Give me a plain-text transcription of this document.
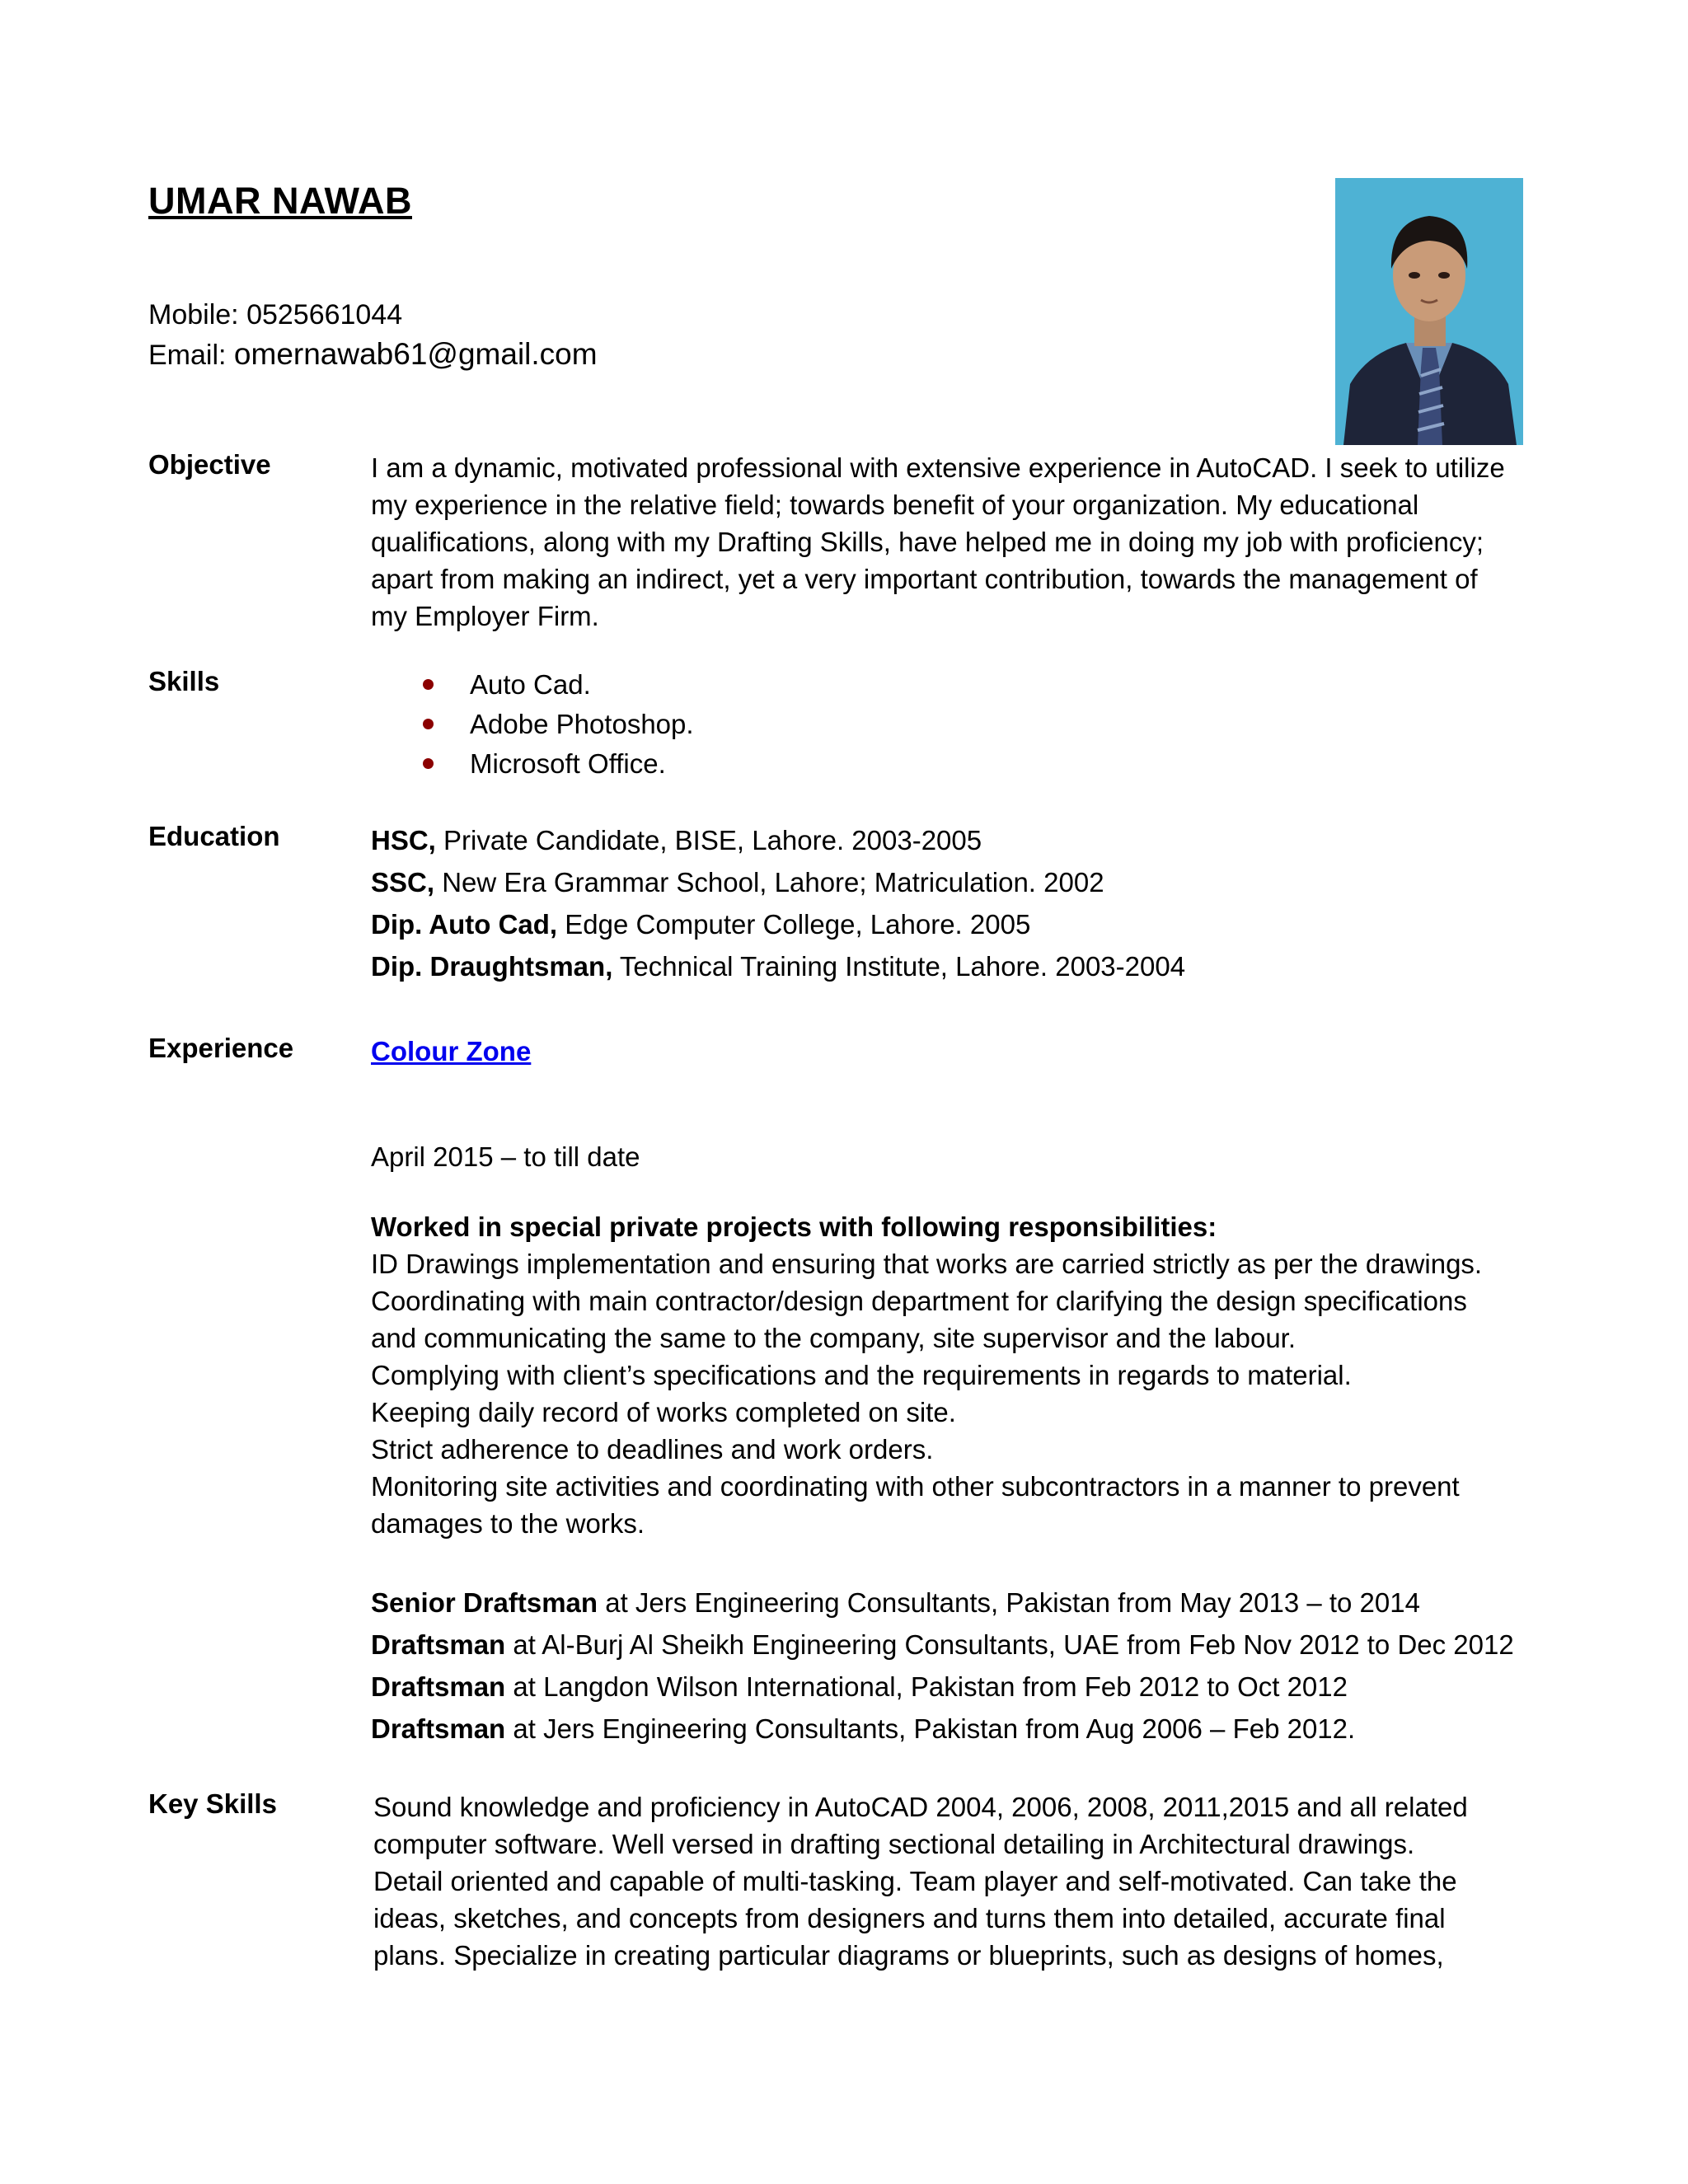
UMAR NAWAB
Mobile: 0525661044
Email: omernawab61@gmail.com
Objective	I am a dynamic, motivated professional with extensive experience in AutoCAD. I seek to utilize

my experience in the relative field; towards benefit of your organization. My educational

qualifications, along with my Drafting Skills, have helped me in doing my job with proficiency;

apart from making an indirect, yet a very important contribution, towards the management of

my Employer Firm.

Skills	Auto Cad.
Adobe Photoshop.
Microsoft Office.
Education	HSC, Private Candidate, BISE, Lahore. 2003-2005
SSC, New Era Grammar School, Lahore; Matriculation. 2002
Dip. Auto Cad, Edge Computer College, Lahore. 2005
Dip. Draughtsman, Technical Training Institute, Lahore. 2003-2004
Experience	Colour Zone

April 2015 – to till date

Worked in special private projects with following responsibilities:

ID Drawings implementation and ensuring that works are carried strictly as per the drawings.

Coordinating with main contractor/design department for clarifying the design specifications

and communicating the same to the company, site supervisor and the labour.

Complying with client’s specifications and the requirements in regards to material.

Keeping daily record of works completed on site.

Strict adherence to deadlines and work orders.

Monitoring site activities and coordinating with other subcontractors in a manner to prevent

damages to the works.

Senior Draftsman at Jers Engineering Consultants, Pakistan from May 2013 – to 2014
Draftsman at Al-Burj Al Sheikh Engineering Consultants, UAE from Feb Nov 2012 to Dec 2012
Draftsman at Langdon Wilson International, Pakistan from Feb 2012 to Oct 2012
Draftsman at Jers Engineering Consultants, Pakistan from Aug 2006 – Feb 2012.
Key Skills	Sound knowledge and proficiency in AutoCAD 2004, 2006, 2008, 2011,2015 and all related

computer software. Well versed in drafting sectional detailing in Architectural drawings.

Detail oriented and capable of multi-tasking. Team player and self-motivated. Can take the

ideas, sketches, and concepts from designers and turns them into detailed, accurate final

plans. Specialize in creating particular diagrams or blueprints, such as designs of homes,
